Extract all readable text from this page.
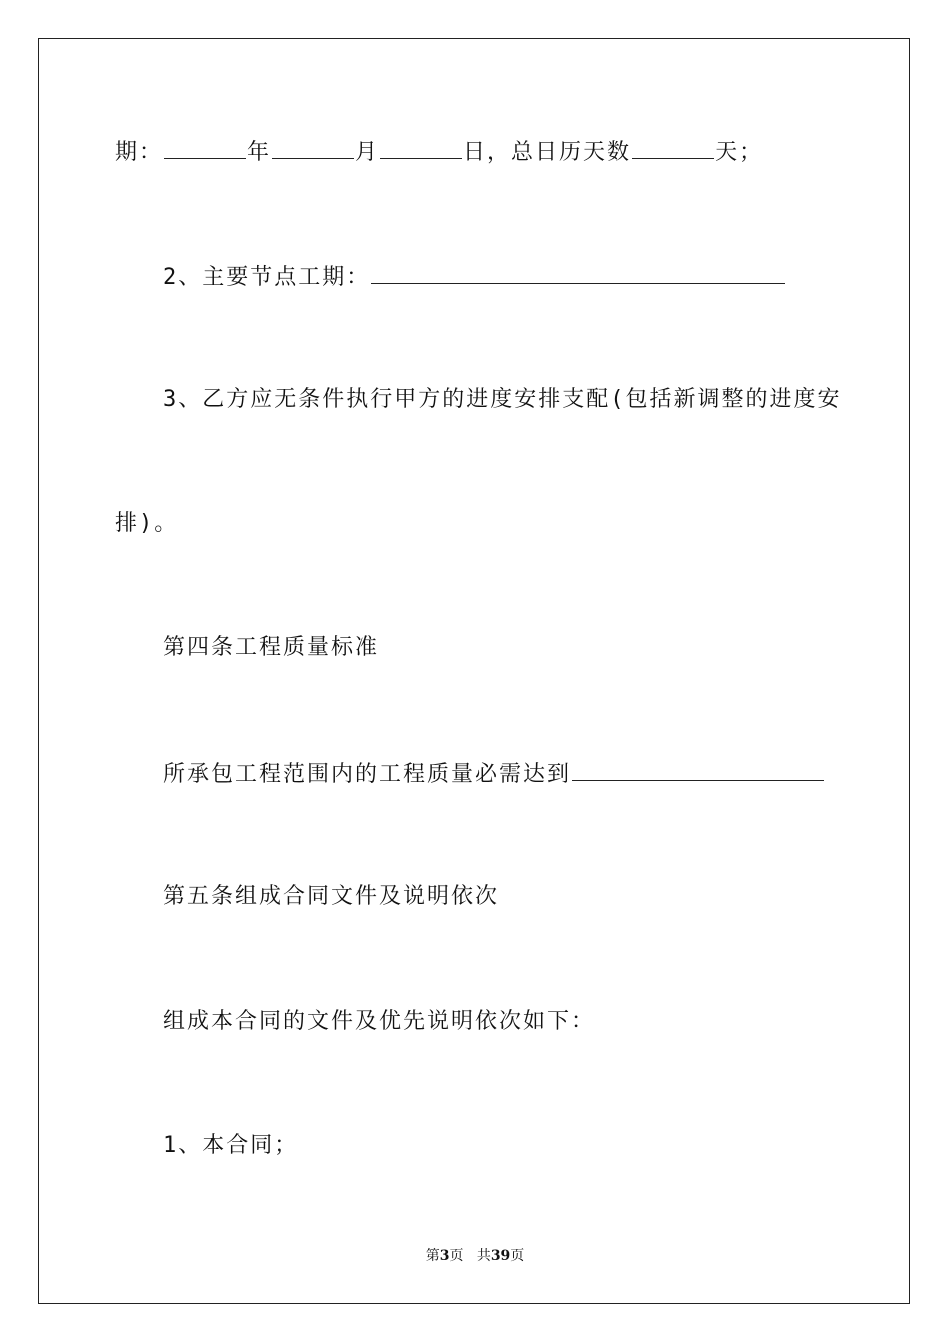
期：	年	月	日，总日历天数	天；
2、主要节点工期：
3、乙方应无条件执行甲方的进度安排支配(包括新调整的进度安
排)。
第四条工程质量标准
所承包工程范围内的工程质量必需达到
第五条组成合同文件及说明依次
组成本合同的文件及优先说明依次如下：
1、本合同；
第3页 共39页
